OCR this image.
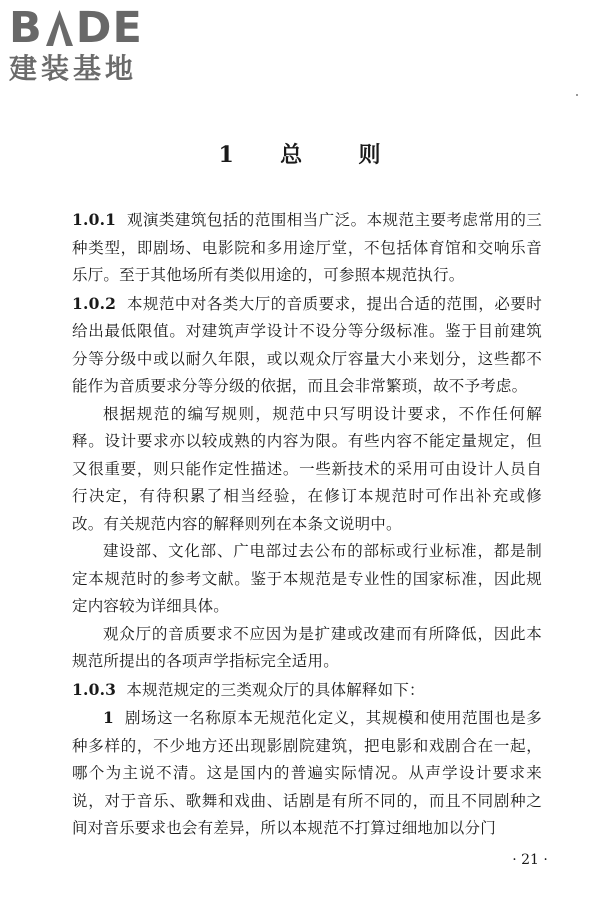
B DE
建装基地
1 总	则

1.0.1 观演类建筑包括的范围相当广泛。本规范主要考虑常用的三种类型，即剧场、电影院和多用途厅堂，不包括体育馆和交响乐音乐厅。至于其他场所有类似用途的，可参照本规范执行。

1.0.2 本规范中对各类大厅的音质要求，提出合适的范围，必要时给出最低限值。对建筑声学设计不设分等分级标准。鉴于目前建筑分等分级中或以耐久年限，或以观众厅容量大小来划分，这些都不能作为音质要求分等分级的依据，而且会非常繁琐，故不予考虑。

根据规范的编写规则，规范中只写明设计要求，不作任何解释。设计要求亦以较成熟的内容为限。有些内容不能定量规定，但又很重要，则只能作定性描述。一些新技术的采用可由设计人员自行决定，有待积累了相当经验，在修订本规范时可作出补充或修改。有关规范内容的解释则列在本条文说明中。

建设部、文化部、广电部过去公布的部标或行业标准，都是制定本规范时的参考文献。鉴于本规范是专业性的国家标准，因此规定内容较为详细具体。

观众厅的音质要求不应因为是扩建或改建而有所降低，因此本规范所提出的各项声学指标完全适用。

1.0.3 本规范规定的三类观众厅的具体解释如下：

1 剧场这一名称原本无规范化定义，其规模和使用范围也是多种多样的，不少地方还出现影剧院建筑，把电影和戏剧合在一起，哪个为主说不清。这是国内的普遍实际情况。从声学设计要求来说，对于音乐、歌舞和戏曲、话剧是有所不同的，而且不同剧种之间对音乐要求也会有差异，所以本规范不打算过细地加以分门

· 21 ·
